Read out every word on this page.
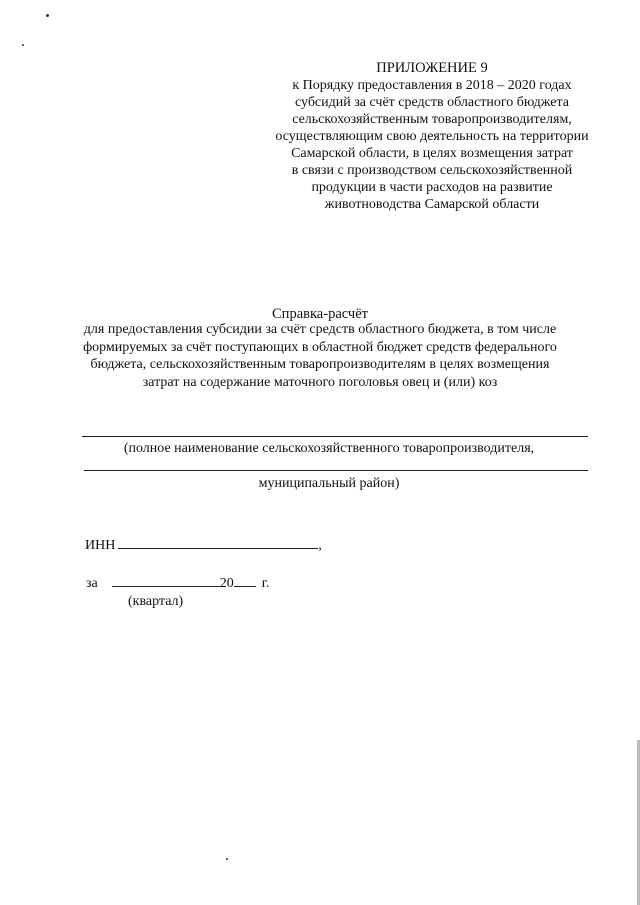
ПРИЛОЖЕНИЕ 9
к Порядку предоставления в 2018 – 2020 годах
субсидий за счёт средств областного бюджета
сельскохозяйственным товаропроизводителям,
осуществляющим свою деятельность на территории
Самарской области, в целях возмещения затрат
в связи с производством сельскохозяйственной
продукции в части расходов на развитие
животноводства Самарской области
Справка-расчёт
для предоставления субсидии за счёт средств областного бюджета, в том числе
формируемых за счёт поступающих в областной бюджет средств федерального
бюджета, сельскохозяйственным товаропроизводителям в целях возмещения
затрат на содержание маточного поголовья овец и (или) коз
(полное наименование сельскохозяйственного товаропроизводителя,
муниципальный район)
ИНН	,
за	20 г.
(квартал)
